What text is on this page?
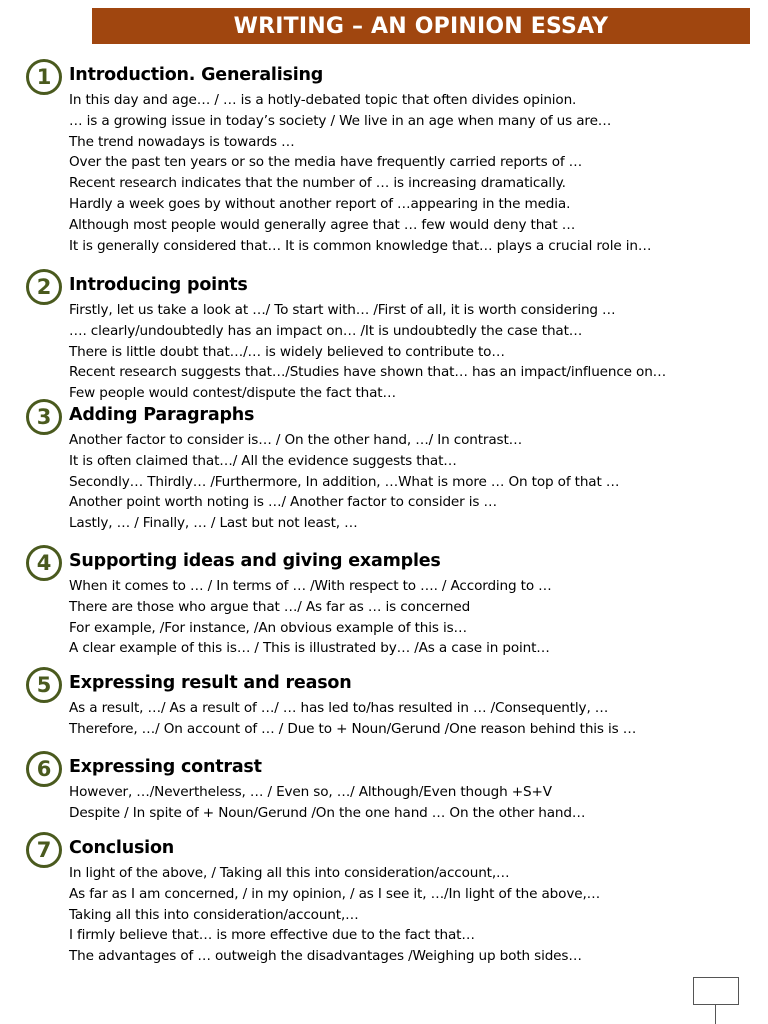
WRITING – AN OPINION ESSAY
1	Introduction. Generalising
In this day and age… / … is a hotly-debated topic that often divides opinion.
… is a growing issue in today’s society / We live in an age when many of us are…
The trend nowadays is towards …
Over the past ten years or so the media have frequently carried reports of …
Recent research indicates that the number of … is increasing dramatically.
Hardly a week goes by without another report of …appearing in the media.
Although most people would generally agree that … few would deny that …
It is generally considered that… It is common knowledge that… plays a crucial role in…
2	Introducing points
Firstly, let us take a look at …/ To start with… /First of all, it is worth considering …
…. clearly/undoubtedly has an impact on… /It is undoubtedly the case that…
There is little doubt that…/… is widely believed to contribute to…
Recent research suggests that…/Studies have shown that… has an impact/influence on…
Few people would contest/dispute the fact that…
3	Adding Paragraphs
Another factor to consider is… / On the other hand, …/ In contrast…
It is often claimed that…/ All the evidence suggests that…
Secondly… Thirdly… /Furthermore, In addition, …What is more … On top of that …
Another point worth noting is …/ Another factor to consider is …
Lastly, … / Finally, … / Last but not least, …
4	Supporting ideas and giving examples
When it comes to … / In terms of … /With respect to …. / According to …
There are those who argue that …/ As far as … is concerned
For example, /For instance, /An obvious example of this is…
A clear example of this is… / This is illustrated by… /As a case in point…
5	Expressing result and reason
As a result, …/ As a result of …/ … has led to/has resulted in … /Consequently, …
Therefore, …/ On account of … / Due to + Noun/Gerund /One reason behind this is …
6	Expressing contrast
However, …/Nevertheless, … / Even so, …/ Although/Even though +S+V
Despite / In spite of + Noun/Gerund /On the one hand … On the other hand…
7	Conclusion
In light of the above, / Taking all this into consideration/account,…
As far as I am concerned, / in my opinion, / as I see it, …/In light of the above,…
Taking all this into consideration/account,…
I firmly believe that… is more effective due to the fact that…
The advantages of … outweigh the disadvantages /Weighing up both sides…
